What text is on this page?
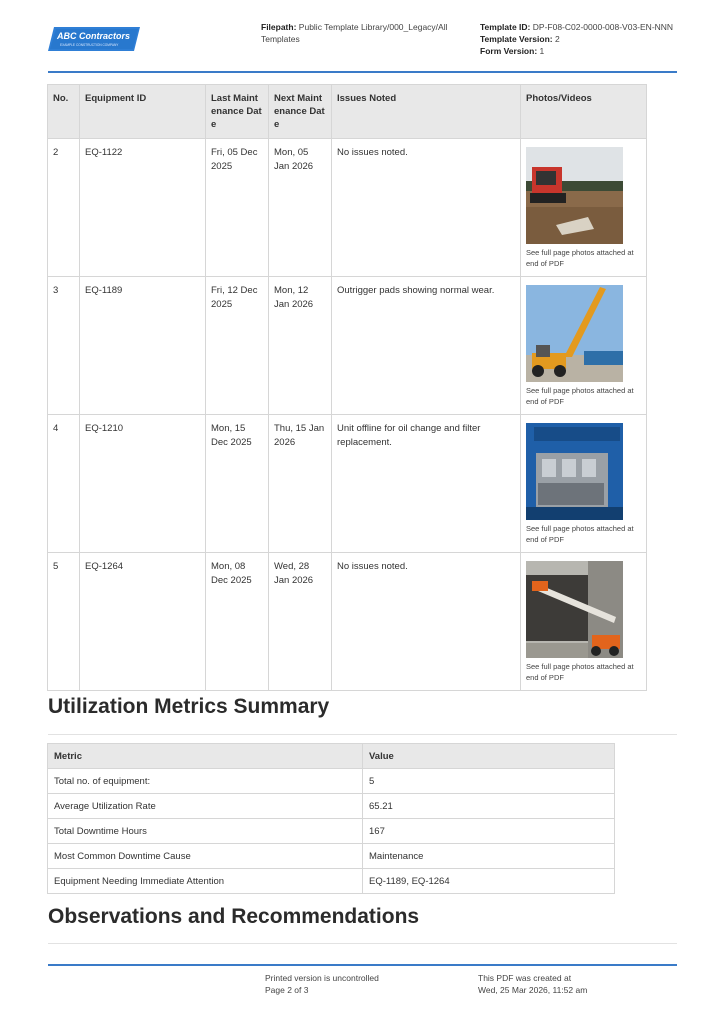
ABC Contractors
EXAMPLE CONSTRUCTION COMPANY
Filepath: Public Template Library/000_Legacy/All Templates
Template ID: DP-F08-C02-0000-008-V03-EN-NNN
Template Version: 2
Form Version: 1
No.	Equipment ID	Last Maintenance Date	Next Maintenance Date	Issues Noted	Photos/Videos
2	EQ-1122	Fri, 05 Dec 2025	Mon, 05 Jan 2026	No issues noted.	See full page photos attached at end of PDF

3	EQ-1189	Fri, 12 Dec 2025	Mon, 12 Jan 2026	Outrigger pads showing normal wear.	See full page photos attached at end of PDF

4	EQ-1210	Mon, 15 Dec 2025	Thu, 15 Jan 2026	Unit offline for oil change and filter replacement.	See full page photos attached at end of PDF

5	EQ-1264	Mon, 08 Dec 2025	Wed, 28 Jan 2026	No issues noted.	See full page photos attached at end of PDF
Utilization Metrics Summary
Metric	Value
Total no. of equipment:	5
Average Utilization Rate	65.21
Total Downtime Hours	167
Most Common Downtime Cause	Maintenance
Equipment Needing Immediate Attention	EQ-1189, EQ-1264
Observations and Recommendations
Printed version is uncontrolled
Page 2 of 3
This PDF was created at
Wed, 25 Mar 2026, 11:52 am
